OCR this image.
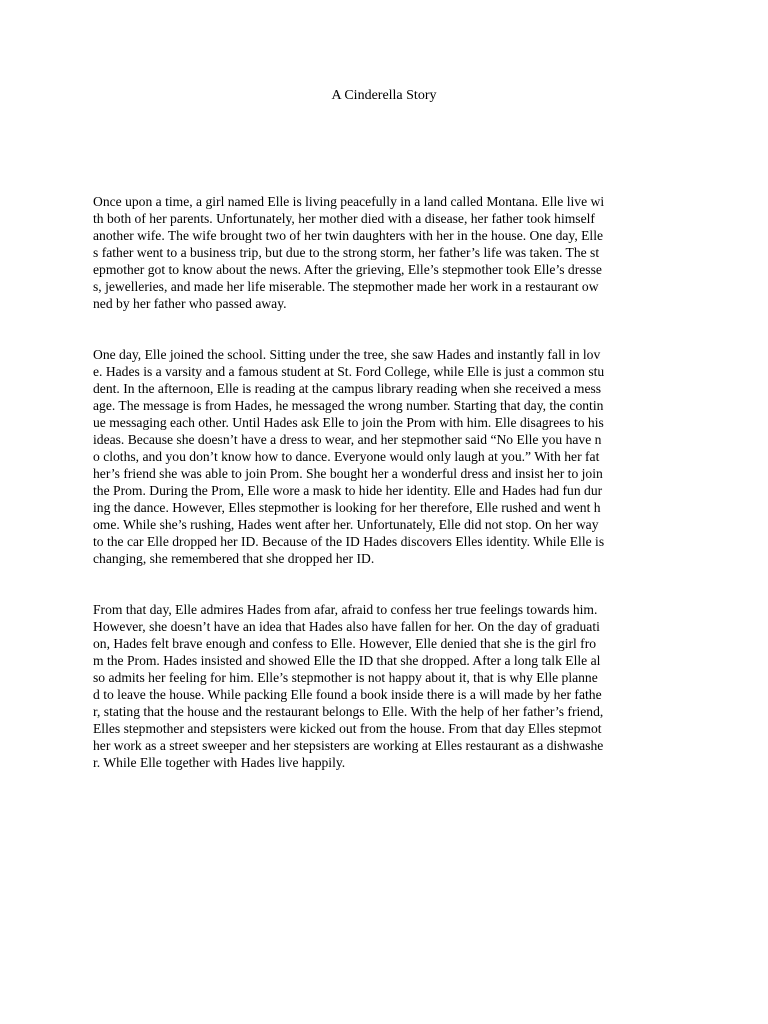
A Cinderella Story
Once upon a time, a girl named Elle is living peacefully in a land called Montana. Elle live wi
th both of her parents. Unfortunately, her mother died with a disease, her father took himself
another wife. The wife brought two of her twin daughters with her in the house. One day, Elle
s father went to a business trip, but due to the strong storm, her father’s life was taken. The st
epmother got to know about the news. After the grieving, Elle’s stepmother took Elle’s dresse
s, jewelleries, and made her life miserable. The stepmother made her work in a restaurant ow
ned by her father who passed away.
One day, Elle joined the school. Sitting under the tree, she saw Hades and instantly fall in lov
e. Hades is a varsity and a famous student at St. Ford College, while Elle is just a common stu
dent. In the afternoon, Elle is reading at the campus library reading when she received a mess
age. The message is from Hades, he messaged the wrong number. Starting that day, the contin
ue messaging each other. Until Hades ask Elle to join the Prom with him. Elle disagrees to his
ideas. Because she doesn’t have a dress to wear, and her stepmother said “No Elle you have n
o cloths, and you don’t know how to dance. Everyone would only laugh at you.” With her fat
her’s friend she was able to join Prom. She bought her a wonderful dress and insist her to join
the Prom. During the Prom, Elle wore a mask to hide her identity. Elle and Hades had fun dur
ing the dance. However, Elles stepmother is looking for her therefore, Elle rushed and went h
ome. While she’s rushing, Hades went after her. Unfortunately, Elle did not stop. On her way
to the car Elle dropped her ID. Because of the ID Hades discovers Elles identity. While Elle is
changing, she remembered that she dropped her ID.
From that day, Elle admires Hades from afar, afraid to confess her true feelings towards him.
However, she doesn’t have an idea that Hades also have fallen for her. On the day of graduati
on, Hades felt brave enough and confess to Elle. However, Elle denied that she is the girl fro
m the Prom. Hades insisted and showed Elle the ID that she dropped. After a long talk Elle al
so admits her feeling for him. Elle’s stepmother is not happy about it, that is why Elle planne
d to leave the house. While packing Elle found a book inside there is a will made by her fathe
r, stating that the house and the restaurant belongs to Elle. With the help of her father’s friend,
Elles stepmother and stepsisters were kicked out from the house. From that day Elles stepmot
her work as a street sweeper and her stepsisters are working at Elles restaurant as a dishwashe
r. While Elle together with Hades live happily.
